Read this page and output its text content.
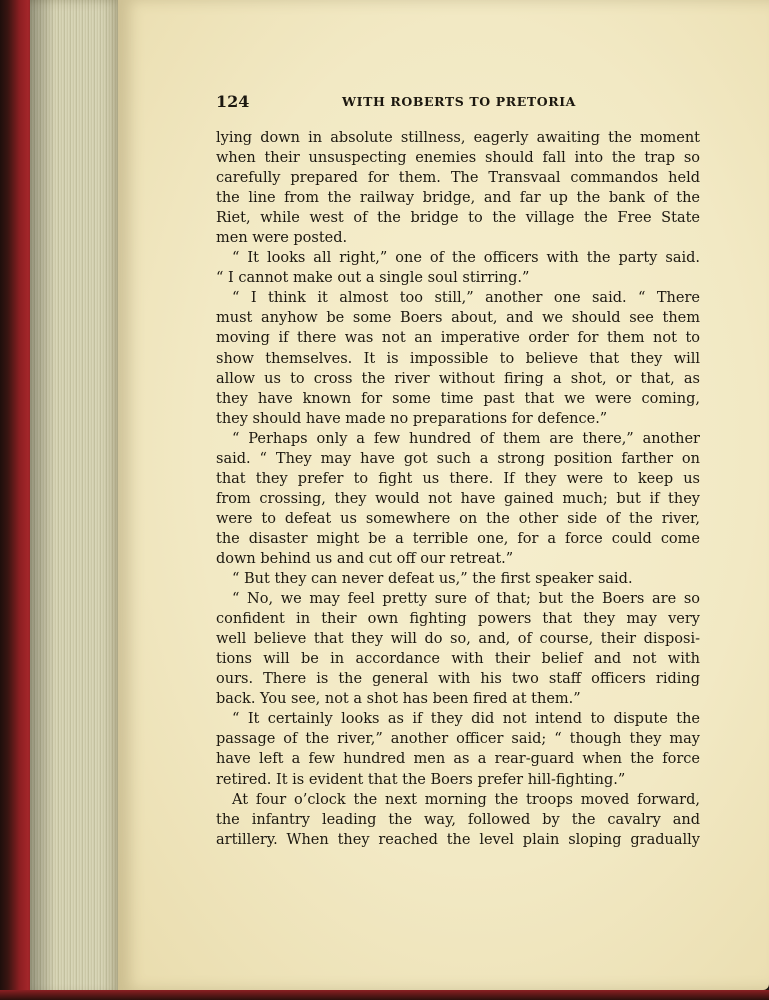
124	WITH ROBERTS TO PRETORIA
lying down in absolute stillness, eagerly awaiting the moment
when their unsuspecting enemies should fall into the trap so
carefully prepared for them. The Transvaal commandos held
the line from the railway bridge, and far up the bank of the
Riet, while west of the bridge to the village the Free State
men were posted.
“ It looks all right,” one of the officers with the party said.
“ I cannot make out a single soul stirring.”
“ I think it almost too still,” another one said. “ There
must anyhow be some Boers about, and we should see them
moving if there was not an imperative order for them not to
show themselves. It is impossible to believe that they will
allow us to cross the river without firing a shot, or that, as
they have known for some time past that we were coming,
they should have made no preparations for defence.”
“ Perhaps only a few hundred of them are there,” another
said. “ They may have got such a strong position farther on
that they prefer to fight us there. If they were to keep us
from crossing, they would not have gained much; but if they
were to defeat us somewhere on the other side of the river,
the disaster might be a terrible one, for a force could come
down behind us and cut off our retreat.”
“ But they can never defeat us,” the first speaker said.
“ No, we may feel pretty sure of that; but the Boers are so
confident in their own fighting powers that they may very
well believe that they will do so, and, of course, their disposi-
tions will be in accordance with their belief and not with
ours. There is the general with his two staff officers riding
back. You see, not a shot has been fired at them.”
“ It certainly looks as if they did not intend to dispute the
passage of the river,” another officer said; “ though they may
have left a few hundred men as a rear-guard when the force
retired. It is evident that the Boers prefer hill-fighting.”
At four o’clock the next morning the troops moved forward,
the infantry leading the way, followed by the cavalry and
artillery. When they reached the level plain sloping gradually
